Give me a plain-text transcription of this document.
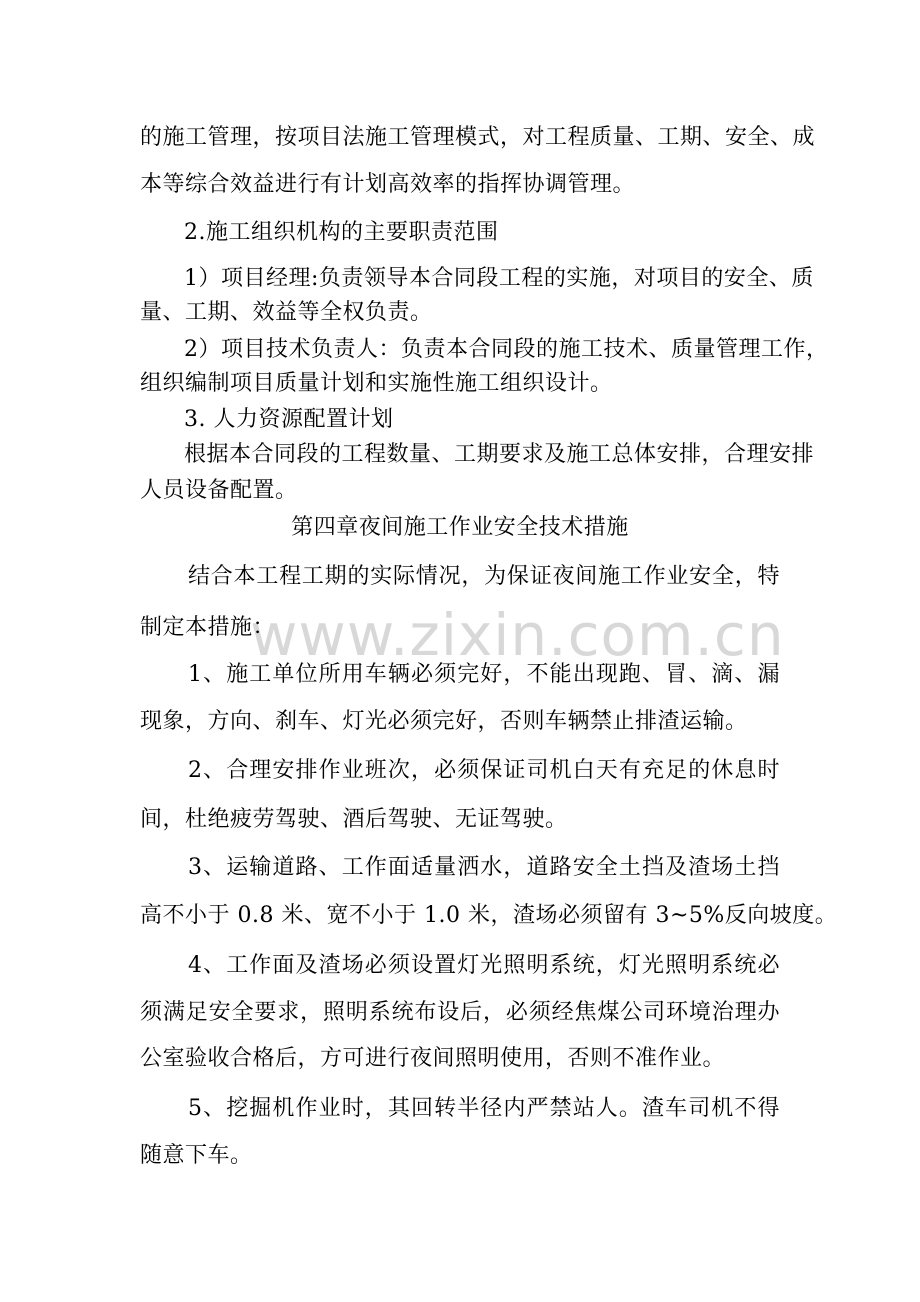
www.zixin.com.cn
的施工管理，按项目法施工管理模式，对工程质量、工期、安全、成
本等综合效益进行有计划高效率的指挥协调管理。
2.施工组织机构的主要职责范围
1）项目经理:负责领导本合同段工程的实施，对项目的安全、质
量、工期、效益等全权负责。
2）项目技术负责人：负责本合同段的施工技术、质量管理工作，
组织编制项目质量计划和实施性施工组织设计。
3. 人力资源配置计划
根据本合同段的工程数量、工期要求及施工总体安排，合理安排
人员设备配置。
第四章夜间施工作业安全技术措施
结合本工程工期的实际情况，为保证夜间施工作业安全，特
制定本措施：
1、施工单位所用车辆必须完好，不能出现跑、冒、滴、漏
现象，方向、刹车、灯光必须完好，否则车辆禁止排渣运输。
2、合理安排作业班次，必须保证司机白天有充足的休息时
间，杜绝疲劳驾驶、酒后驾驶、无证驾驶。
3、运输道路、工作面适量洒水，道路安全土挡及渣场土挡
高不小于 0.8 米、宽不小于 1.0 米，渣场必须留有 3~5%反向坡度。
4、工作面及渣场必须设置灯光照明系统，灯光照明系统必
须满足安全要求，照明系统布设后，必须经焦煤公司环境治理办
公室验收合格后，方可进行夜间照明使用，否则不准作业。
5、挖掘机作业时，其回转半径内严禁站人。渣车司机不得
随意下车。
